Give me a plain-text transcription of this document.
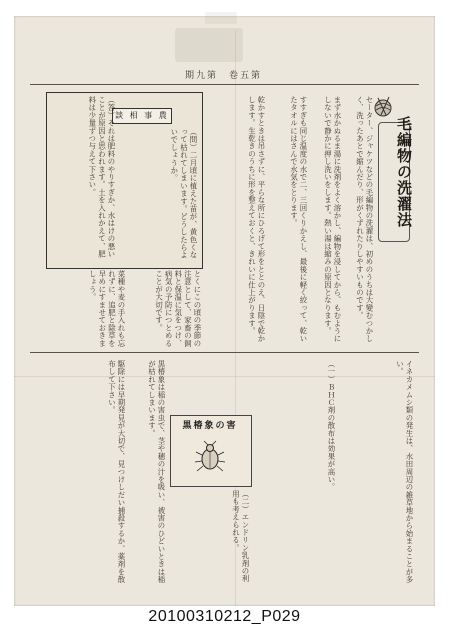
期九第　卷五第
毛編物の洗濯法
セーター、ジャケツなどの毛編物の洗濯は、初めのうちは大變むつかしく、洗ったあとで縮んだり、形がくずれたりしやすいものです。
まず水かぬるま湯に洗剤をよく溶かし、編物を浸してから、もむようにしないで静かに押し洗いをします。熱い湯は縮みの原因となります。
すすぎも同じ温度の水で二、三回くりかえし、最後に軽く絞って、乾いたタオルにはさんで水気をとります。
乾かすときは吊さずに、平らな所にひろげて形をととのえ、日陰で乾かします。生乾きのうちに形を整えておくと、きれいに仕上がります。
談 相 事 農
（問）二月頃に植えた苗が、黄色くなって枯れてしまいます。どうしたらよいでしょうか。
（答）それは肥料のやりすぎか、水はけの悪いことが原因と思われます。土を入れかえて、肥料は少量ずつ与えて下さい。
とくにこの頃の季節の注意として、家畜の飼料と保温に気をつけ、病気の予防につとめることが大切です。
菜種や麦の手入れも忘れずに、追肥と除草を早めにすませておきましょう。
イネカメムシ類の発生は、水田周辺の雑草地から始まることが多い。
（一）ＢＨＣ剤の散布は効果が高い。
黒椿象の害
黒椿象は稲の害虫で、茎や穂の汁を吸い、被害のひどいときは稲が枯れてしまいます。
駆除には早期発見が大切で、見つけしだい捕殺するか、薬剤を散布して下さい。
（二）エンドリン乳剤の利用も考えられる。
20100310212_P029
